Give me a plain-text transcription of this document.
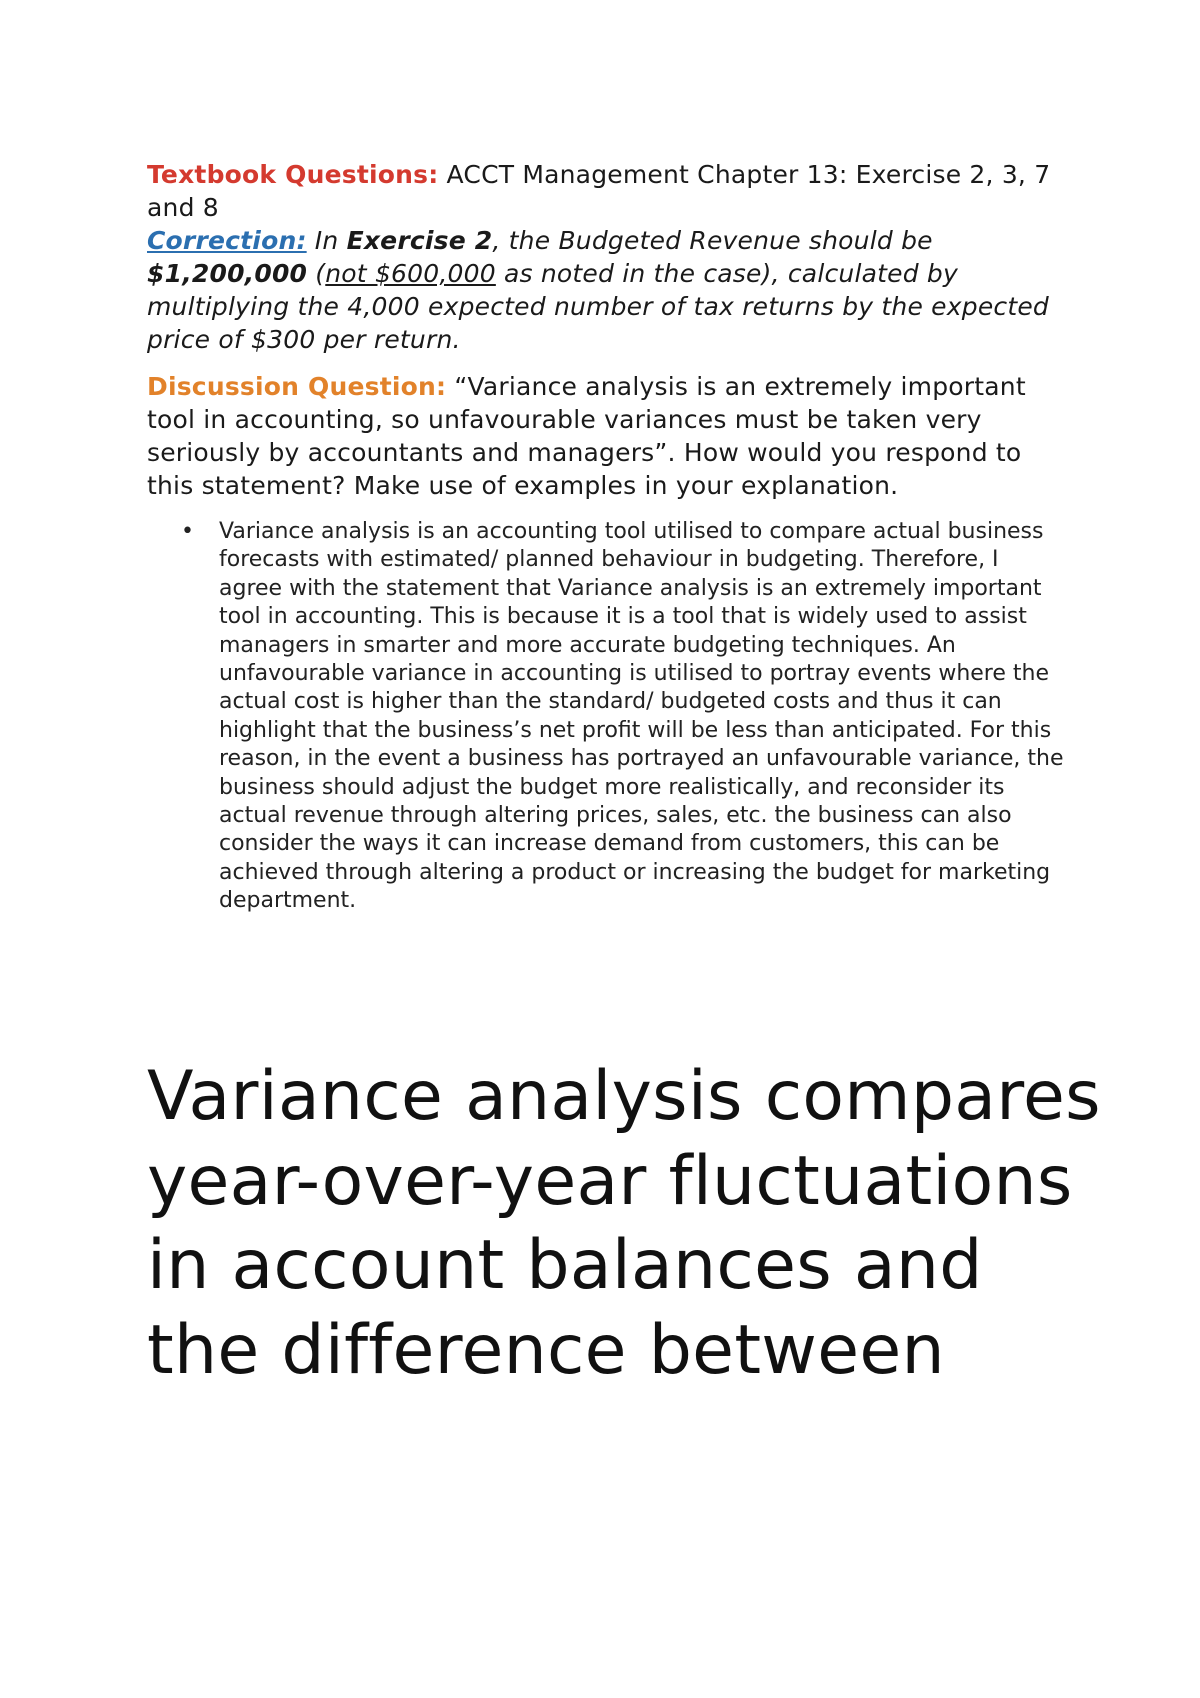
Textbook Questions: ACCT Management Chapter 13: Exercise 2, 3, 7 and 8

Correction: In Exercise 2, the Budgeted Revenue should be $1,200,000 (not $600,000 as noted in the case), calculated by multiplying the 4,000 expected number of tax returns by the expected price of $300 per return.

Discussion Question: “Variance analysis is an extremely important tool in accounting, so unfavourable variances must be taken very seriously by accountants and managers”. How would you respond to this statement? Make use of examples in your explanation.

• Variance analysis is an accounting tool utilised to compare actual business forecasts with estimated/ planned behaviour in budgeting. Therefore, I agree with the statement that Variance analysis is an extremely important tool in accounting. This is because it is a tool that is widely used to assist managers in smarter and more accurate budgeting techniques. An unfavourable variance in accounting is utilised to portray events where the actual cost is higher than the standard/ budgeted costs and thus it can highlight that the business’s net profit will be less than anticipated. For this reason, in the event a business has portrayed an unfavourable variance, the business should adjust the budget more realistically, and reconsider its actual revenue through altering prices, sales, etc. the business can also consider the ways it can increase demand from customers, this can be achieved through altering a product or increasing the budget for marketing department.
Variance analysis compares year-over-year fluctuations in account balances and the difference between
